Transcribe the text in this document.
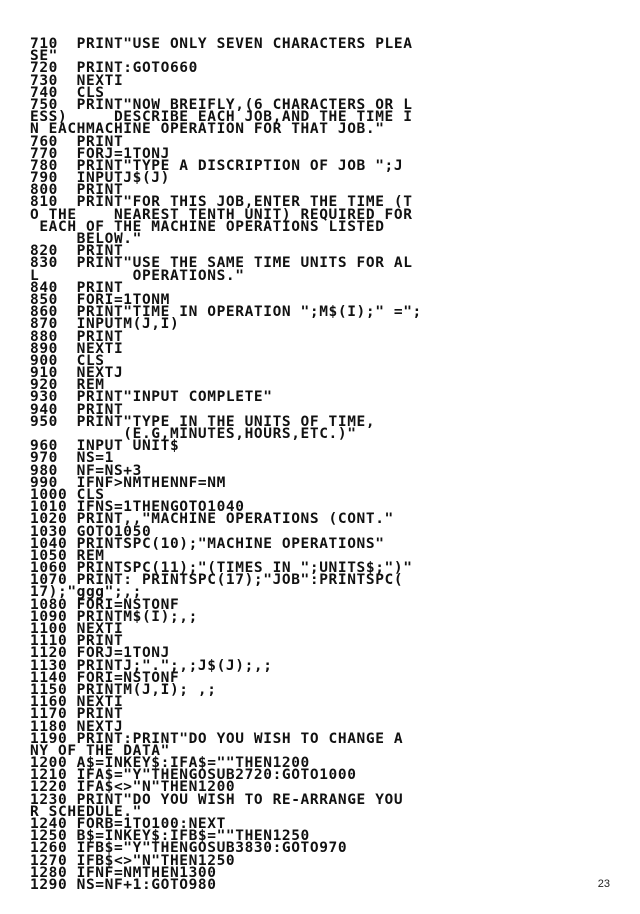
710  PRINT"USE ONLY SEVEN CHARACTERS PLEA
SE"
720  PRINT:GOTO660
730  NEXTI
740  CLS
750  PRINT"NOW BREIFLY,(6 CHARACTERS OR L
ESS)     DESCRIBE EACH JOB,AND THE TIME I
N EACHMACHINE OPERATION FOR THAT JOB."
760  PRINT
770  FORJ=1TONJ
780  PRINT"TYPE A DISCRIPTION OF JOB ";J
790  INPUTJ$(J)
800  PRINT
810  PRINT"FOR THIS JOB,ENTER THE TIME (T
O THE    NEAREST TENTH UNIT) REQUIRED FOR
EACH OF THE MACHINE OPERATIONS LISTED
BELOW."
820  PRINT
830  PRINT"USE THE SAME TIME UNITS FOR AL
L          OPERATIONS."
840  PRINT
850  FORI=1TONM
860  PRINT"TIME IN OPERATION ";M$(I);" =";
870  INPUTM(J,I)
880  PRINT
890  NEXTI
900  CLS
910  NEXTJ
920  REM
930  PRINT"INPUT COMPLETE"
940  PRINT
950  PRINT"TYPE IN THE UNITS OF TIME,
(E.G,MINUTES,HOURS,ETC.)"
960  INPUT UNIT$
970  NS=1
980  NF=NS+3
990  IFNF>NMTHENNF=NM
1000 CLS
1010 IFNS=1THENGOTO1040
1020 PRINT,,"MACHINE OPERATIONS (CONT."
1030 GOTO1050
1040 PRINTSPC(10);"MACHINE OPERATIONS"
1050 REM
1060 PRINTSPC(11);"(TIMES IN ";UNITS$;")"
1070 PRINT: PRINTSPC(17);"JOB":PRINTSPC(
17);"ggg";,;
1080 FORI=NSTONF
1090 PRINTM$(I);,;
1100 NEXTI
1110 PRINT
1120 FORJ=1TONJ
1130 PRINTJ;".";,;J$(J);,;
1140 FORI=NSTONF
1150 PRINTM(J,I); ,;
1160 NEXTI
1170 PRINT
1180 NEXTJ
1190 PRINT:PRINT"DO YOU WISH TO CHANGE A
NY OF THE DATA"
1200 A$=INKEY$:IFA$=""THEN1200
1210 IFA$="Y"THENGOSUB2720:GOTO1000
1220 IFA$<>"N"THEN1200
1230 PRINT"DO YOU WISH TO RE-ARRANGE YOU
R SCHEDULE."
1240 FORB=1TO100:NEXT
1250 B$=INKEY$:IFB$=""THEN1250
1260 IFB$="Y"THENGOSUB3830:GOTO970
1270 IFB$<>"N"THEN1250
1280 IFNF=NMTHEN1300
1290 NS=NF+1:GOTO980	23
